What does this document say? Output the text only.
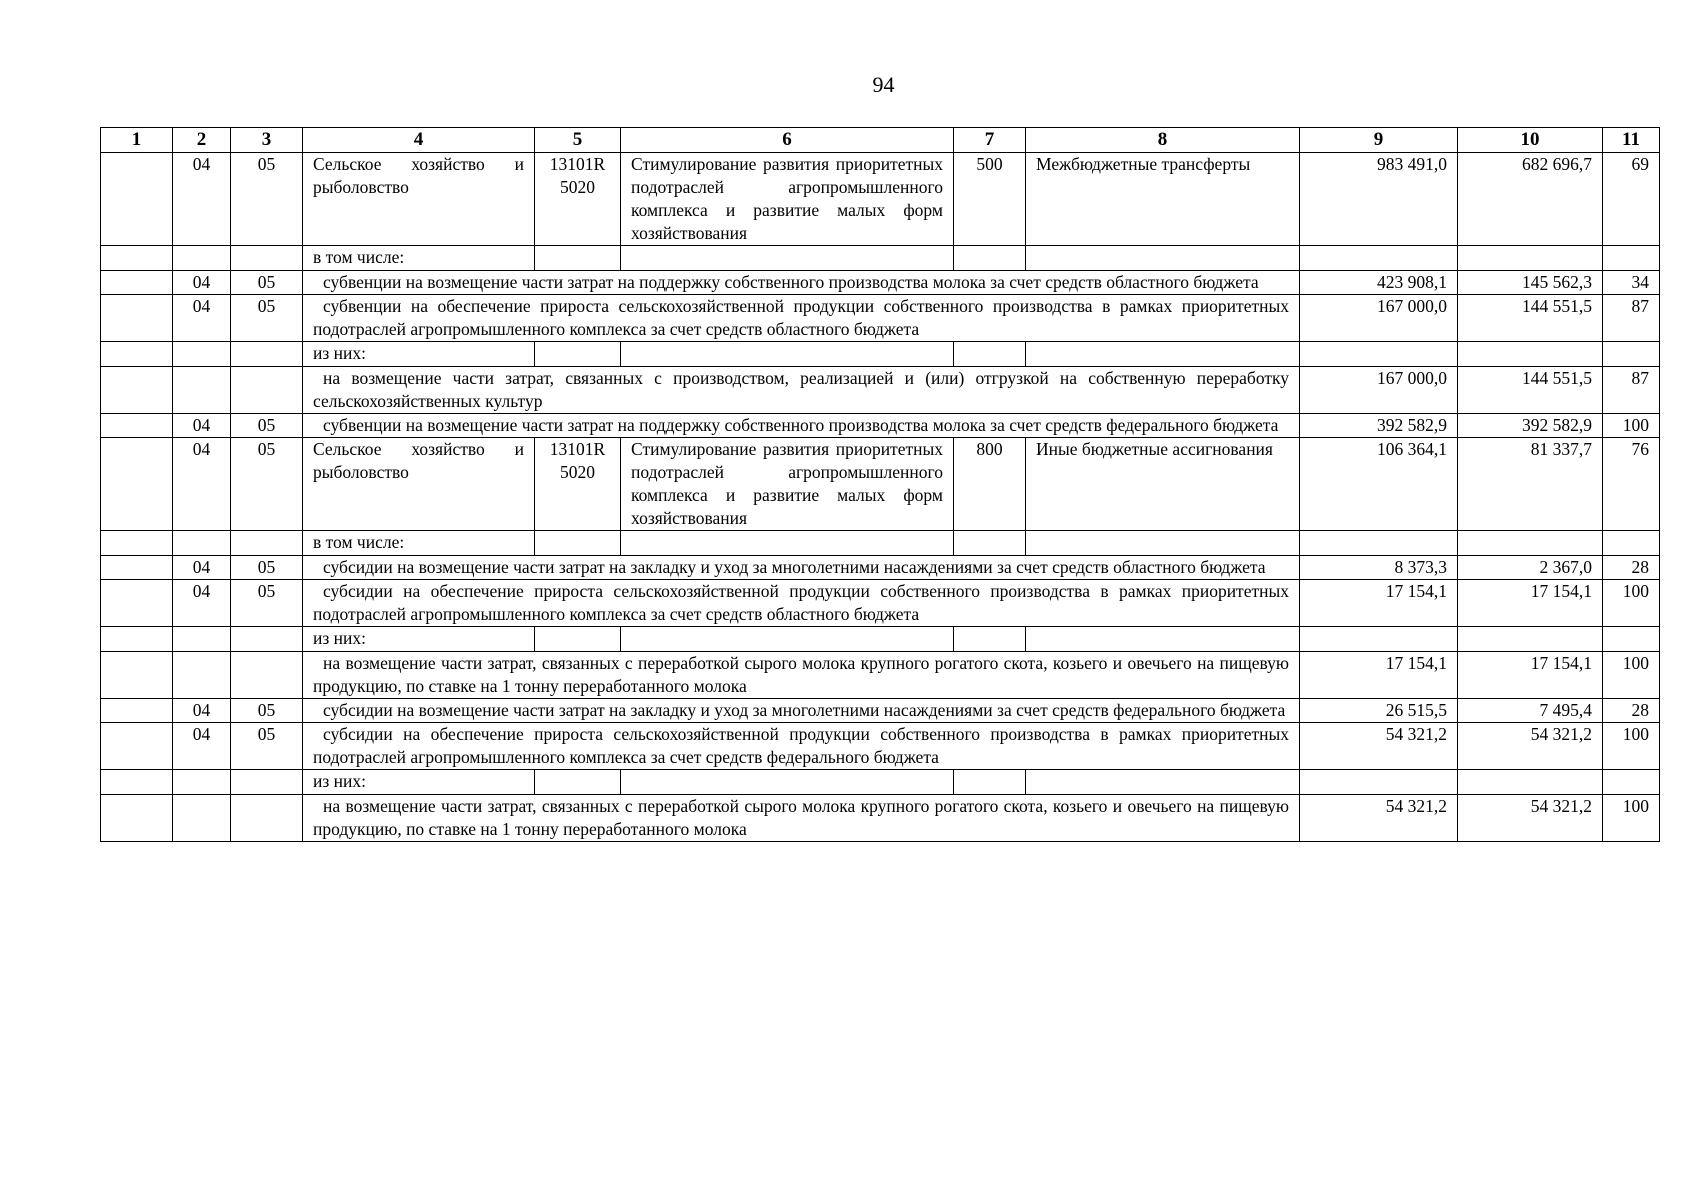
94
1	2	3	4	5	6	7	8	9	10	11
	04	05	Сельское хозяйство и рыболовство	13101R 5020	Стимулирование развития приоритетных подотраслей агропромышленного комплекса и развитие малых форм хозяйствования	500	Межбюджетные трансферты	983 491,0	682 696,7	69
			в том числе:							
	04	05	субвенции на возмещение части затрат на поддержку собственного производства молока за счет средств областного бюджета					423 908,1	145 562,3	34
	04	05	субвенции на обеспечение прироста сельскохозяйственной продукции собственного производства в рамках приоритетных подотраслей агропромышленного комплекса за счет средств областного бюджета					167 000,0	144 551,5	87
			из них:							
			на возмещение части затрат, связанных с производством, реализацией и (или) отгрузкой на собственную переработку сельскохозяйственных культур					167 000,0	144 551,5	87
	04	05	субвенции на возмещение части затрат на поддержку собственного производства молока за счет средств федерального бюджета					392 582,9	392 582,9	100
	04	05	Сельское хозяйство и рыболовство	13101R 5020	Стимулирование развития приоритетных подотраслей агропромышленного комплекса и развитие малых форм хозяйствования	800	Иные бюджетные ассигнования	106 364,1	81 337,7	76
			в том числе:							
	04	05	субсидии на возмещение части затрат на закладку и уход за многолетними насаждениями за счет средств областного бюджета					8 373,3	2 367,0	28
	04	05	субсидии на обеспечение прироста сельскохозяйственной продукции собственного производства в рамках приоритетных подотраслей агропромышленного комплекса за счет средств областного бюджета					17 154,1	17 154,1	100
			из них:							
			на возмещение части затрат, связанных с переработкой сырого молока крупного рогатого скота, козьего и овечьего на пищевую продукцию, по ставке на 1 тонну переработанного молока					17 154,1	17 154,1	100
	04	05	субсидии на возмещение части затрат на закладку и уход за многолетними насаждениями за счет средств федерального бюджета					26 515,5	7 495,4	28
	04	05	субсидии на обеспечение прироста сельскохозяйственной продукции собственного производства в рамках приоритетных подотраслей агропромышленного комплекса за счет средств федерального бюджета					54 321,2	54 321,2	100
			из них:							
			на возмещение части затрат, связанных с переработкой сырого молока крупного рогатого скота, козьего и овечьего на пищевую продукцию, по ставке на 1 тонну переработанного молока					54 321,2	54 321,2	100
